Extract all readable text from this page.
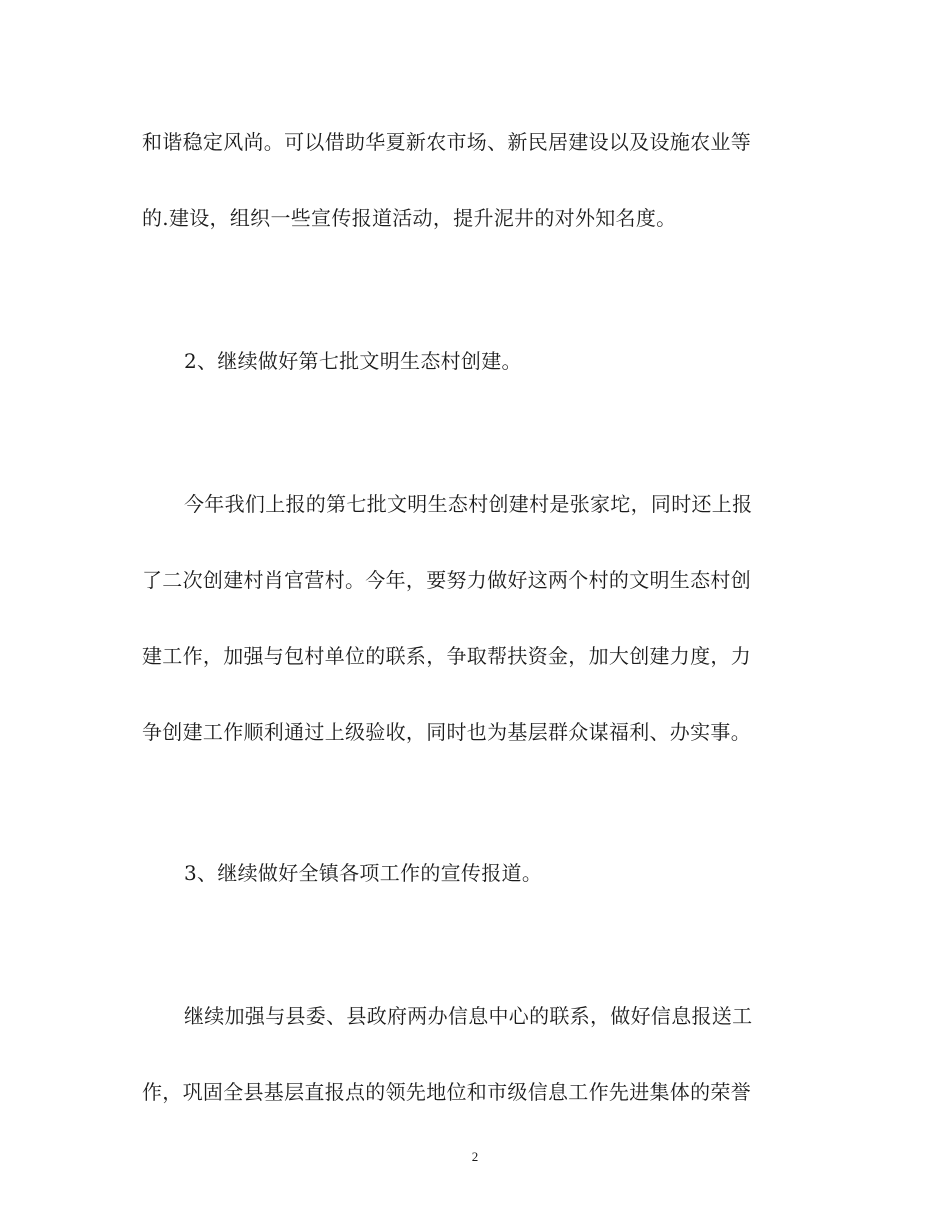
和谐稳定风尚。可以借助华夏新农市场、新民居建设以及设施农业等
的.建设，组织一些宣传报道活动，提升泥井的对外知名度。
2、继续做好第七批文明生态村创建。
今年我们上报的第七批文明生态村创建村是张家坨，同时还上报
了二次创建村肖官营村。今年，要努力做好这两个村的文明生态村创
建工作，加强与包村单位的联系，争取帮扶资金，加大创建力度，力
争创建工作顺利通过上级验收，同时也为基层群众谋福利、办实事。
3、继续做好全镇各项工作的宣传报道。
继续加强与县委、县政府两办信息中心的联系，做好信息报送工
作，巩固全县基层直报点的领先地位和市级信息工作先进集体的荣誉
2
